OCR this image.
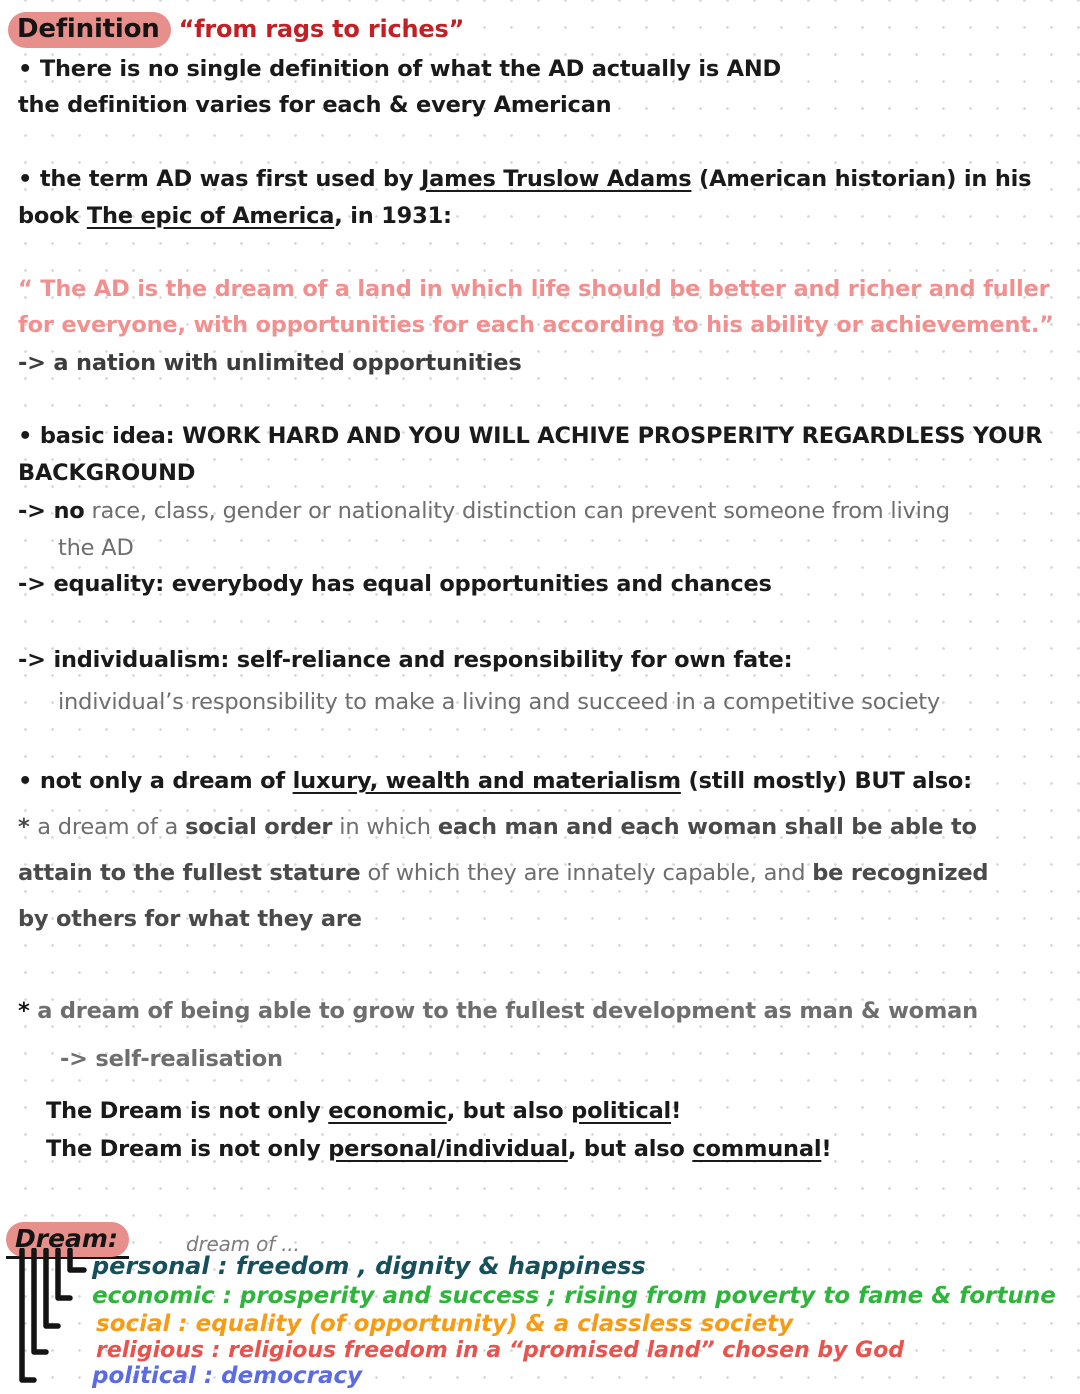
Definition “from rags to riches”
• There is no single definition of what the AD actually is AND
the definition varies for each & every American
• the term AD was first used by James Truslow Adams (American historian) in his
book The epic of America, in 1931:
“ The AD is the dream of a land in which life should be better and richer and fuller
for everyone, with opportunities for each according to his ability or achievement.”
-> a nation with unlimited opportunities
• basic idea: WORK HARD AND YOU WILL ACHIVE PROSPERITY REGARDLESS YOUR
BACKGROUND
-> no race, class, gender or nationality distinction can prevent someone from living
the AD
-> equality: everybody has equal opportunities and chances
-> individualism: self-reliance and responsibility for own fate:
individual’s responsibility to make a living and succeed in a competitive society
• not only a dream of luxury, wealth and materialism (still mostly) BUT also:
* a dream of a social order in which each man and each woman shall be able to
attain to the fullest stature of which they are innately capable, and be recognized
by others for what they are
* a dream of being able to grow to the fullest development as man & woman
-> self-realisation
The Dream is not only economic, but also political!
The Dream is not only personal/individual, but also communal!
Dream:	dream of ...
personal : freedom , dignity & happiness
economic : prosperity and success ; rising from poverty to fame & fortune
social : equality (of opportunity) & a classless society
religious : religious freedom in a “promised land” chosen by God
political : democracy
